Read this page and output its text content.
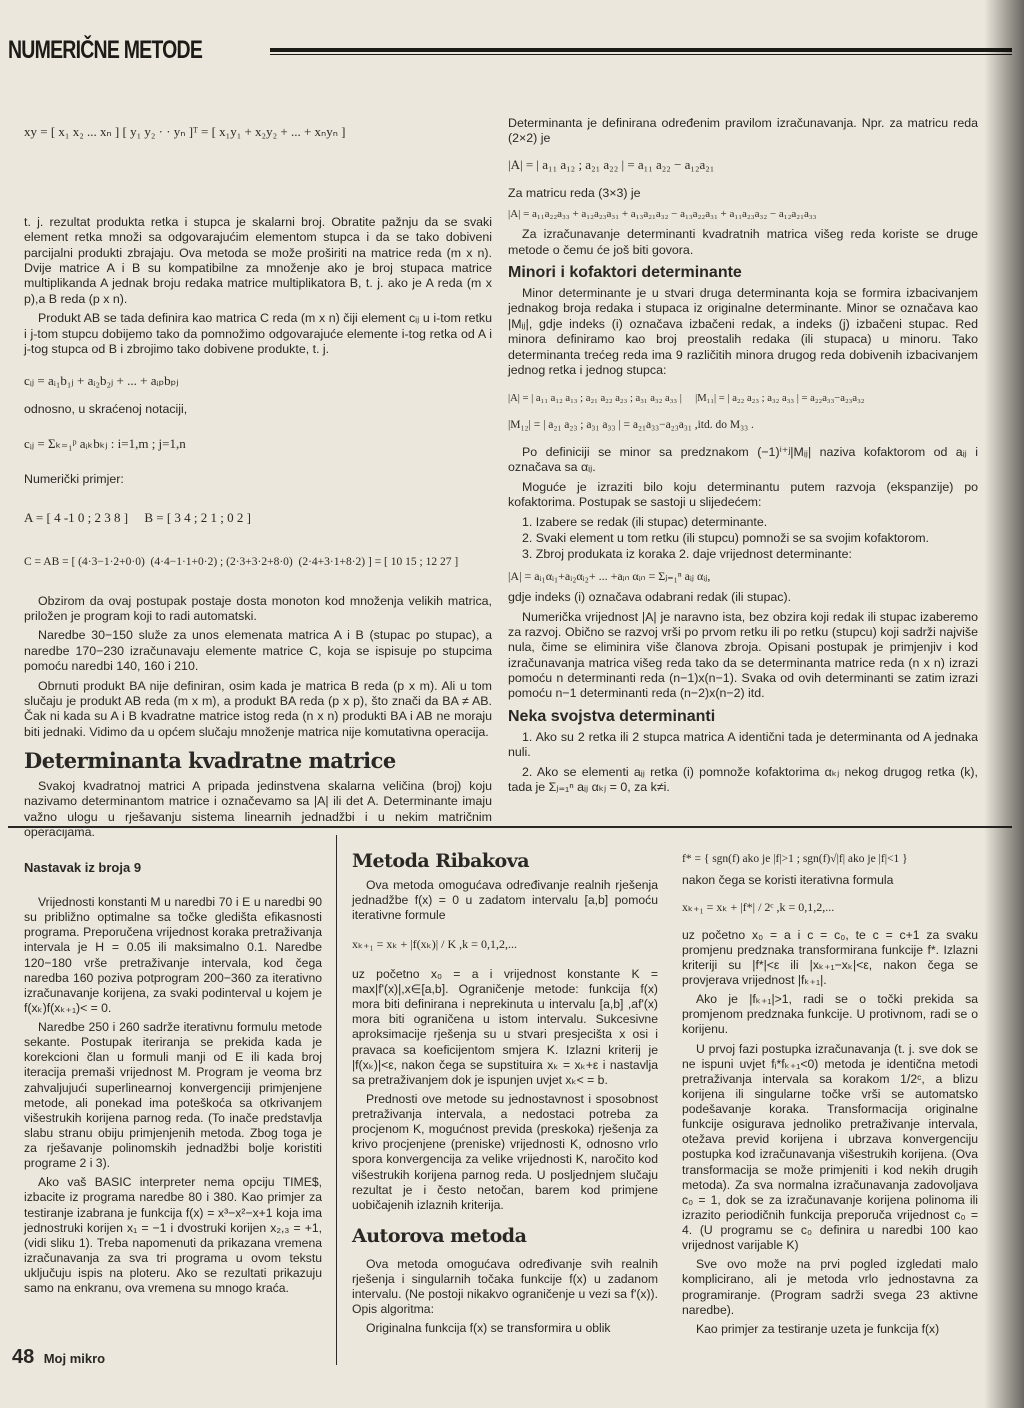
NUMERIČNE METODE
xy = [ x₁ x₂ ... xₙ ] [ y₁ y₂ · · yₙ ]ᵀ = [ x₁y₁ + x₂y₂ + ... + xₙyₙ ]

t. j. rezultat produkta retka i stupca je skalarni broj. Obratite pažnju da se svaki element retka množi sa odgovarajućim elementom stupca i da se tako dobiveni parcijalni produkti zbrajaju. Ova metoda se može proširiti na matrice reda (m x n). Dvije matrice A i B su kompatibilne za množenje ako je broj stupaca matrice multiplikanda A jednak broju redaka matrice multiplikatora B, t. j. ako je A reda (m x p),a B reda (p x n).

Produkt AB se tada definira kao matrica C reda (m x n) čiji element cᵢⱼ u i-tom retku i j-tom stupcu dobijemo tako da pomnožimo odgovarajuće elemente i-tog retka od A i j-tog stupca od B i zbrojimo tako dobivene produkte, t. j.

cᵢⱼ = aᵢ₁b₁ⱼ + aᵢ₂b₂ⱼ + ... + aᵢₚbₚⱼ

odnosno, u skraćenoj notaciji,

cᵢⱼ = Σₖ₌₁ᵖ aᵢₖbₖⱼ : i=1,m ; j=1,n

Numerički primjer:

A = [ 4 -1 0 ; 2 3 8 ]     B = [ 3 4 ; 2 1 ; 0 2 ]
C = AB = [ (4·3−1·2+0·0)  (4·4−1·1+0·2) ; (2·3+3·2+8·0)  (2·4+3·1+8·2) ] = [ 10 15 ; 12 27 ]

Obzirom da ovaj postupak postaje dosta monoton kod množenja velikih matrica, priložen je program koji to radi automatski.

Naredbe 30−150 služe za unos elemenata matrica A i B (stupac po stupac), a naredbe 170−230 izračunavaju elemente matrice C, koja se ispisuje po stupcima pomoću naredbi 140, 160 i 210.

Obrnuti produkt BA nije definiran, osim kada je matrica B reda (p x m). Ali u tom slučaju je produkt AB reda (m x m), a produkt BA reda (p x p), što znači da BA ≠ AB. Čak ni kada su A i B kvadratne matrice istog reda (n x n) produkti BA i AB ne moraju biti jednaki. Vidimo da u općem slučaju množenje matrica nije komutativna operacija.

Determinanta kvadratne matrice

Svakoj kvadratnoj matrici A pripada jedinstvena skalarna veličina (broj) koju nazivamo determinantom matrice i označevamo sa |A| ili det A. Determinante imaju važno ulogu u rješavanju sistema linearnih jednadžbi i u nekim matričnim operacijama.

Determinanta je definirana određenim pravilom izračunavanja. Npr. za matricu reda (2×2) je

|A| = | a₁₁ a₁₂ ; a₂₁ a₂₂ | = a₁₁ a₂₂ − a₁₂a₂₁

Za matricu reda (3×3) je

|A| = a₁₁a₂₂a₃₃ + a₁₂a₂₃a₃₁ + a₁₃a₂₁a₃₂ − a₁₃a₂₂a₃₁ + a₁₁a₂₃a₃₂ − a₁₂a₂₁a₃₃

Za izračunavanje determinanti kvadratnih matrica višeg reda koriste se druge metode o čemu će još biti govora.

Minori i kofaktori determinante

Minor determinante je u stvari druga determinanta koja se formira izbacivanjem jednakog broja redaka i stupaca iz originalne determinante. Minor se označava kao |Mᵢⱼ|, gdje indeks (i) označava izbačeni redak, a indeks (j) izbačeni stupac. Red minora definiramo kao broj preostalih redaka (ili stupaca) u minoru. Tako determinanta trećeg reda ima 9 različitih minora drugog reda dobivenih izbacivanjem jednog retka i jednog stupca:

|A| = | a₁₁ a₁₂ a₁₃ ; a₂₁ a₂₂ a₂₃ ; a₃₁ a₃₂ a₃₃ |     |M₁₁| = | a₂₂ a₂₃ ; a₃₂ a₃₃ | = a₂₂a₃₃−a₂₃a₃₂
|M₁₂| = | a₂₁ a₂₃ ; a₃₁ a₃₃ | = a₂₁a₃₃−a₂₃a₃₁ ,itd. do M₃₃ .

Po definiciji se minor sa predznakom (−1)ⁱ⁺ʲ|Mᵢⱼ| naziva kofaktorom od aᵢⱼ i označava sa αᵢⱼ.

Moguće je izraziti bilo koju determinantu putem razvoja (ekspanzije) po kofaktorima. Postupak se sastoji u slijedećem:

1. Izabere se redak (ili stupac) determinante.

2. Svaki element u tom retku (ili stupcu) pomnoži se sa svojim kofaktorom.

3. Zbroj produkata iz koraka 2. daje vrijednost determinante:

|A| = aᵢ₁αᵢ₁+aᵢ₂αᵢ₂+ ... +aᵢₙ αᵢₙ = Σⱼ₌₁ⁿ aᵢⱼ αᵢⱼ,

gdje indeks (i) označava odabrani redak (ili stupac).

Numerička vrijednost |A| je naravno ista, bez obzira koji redak ili stupac izaberemo za razvoj. Obično se razvoj vrši po prvom retku ili po retku (stupcu) koji sadrži najviše nula, čime se eliminira više članova zbroja. Opisani postupak je primjenjiv i kod izračunavanja matrica višeg reda tako da se determinanta matrice reda (n x n) izrazi pomoću n determinanti reda (n−1)x(n−1). Svaka od ovih determinanti se zatim izrazi pomoću n−1 determinanti reda (n−2)x(n−2) itd.

Neka svojstva determinanti

1. Ako su 2 retka ili 2 stupca matrica A identični tada je determinanta od A jednaka nuli.

2. Ako se elementi aᵢⱼ retka (i) pomnože kofaktorima αₖⱼ nekog drugog retka (k), tada je Σⱼ₌₁ⁿ aᵢⱼ αₖⱼ = 0, za k≠i.

Nastavak iz broja 9

Vrijednosti konstanti M u naredbi 70 i E u naredbi 90 su približno optimalne sa točke gledišta efikasnosti programa. Preporučena vrijednost koraka pretraživanja intervala je H = 0.05 ili maksimalno 0.1. Naredbe 120−180 vrše pretraživanje intervala, kod čega naredba 160 poziva potprogram 200−360 za iterativno izračunavanje korijena, za svaki podinterval u kojem je f(xₖ)f(xₖ₊₁)< = 0.

Naredbe 250 i 260 sadrže iterativnu formulu metode sekante. Postupak iteriranja se prekida kada je korekcioni član u formuli manji od E ili kada broj iteracija premaši vrijednost M. Program je veoma brz zahvaljujući superlinearnoj konvergenciji primjenjene metode, ali ponekad ima poteškoća sa otkrivanjem višestrukih korijena parnog reda. (To inače predstavlja slabu stranu obiju primjenjenih metoda. Zbog toga je za rješavanje polinomskih jednadžbi bolje koristiti programe 2 i 3).

Ako vaš BASIC interpreter nema opciju TIME$, izbacite iz programa naredbe 80 i 380. Kao primjer za testiranje izabrana je funkcija f(x) = x³−x²−x+1 koja ima jednostruki korijen x₁ = −1 i dvostruki korijen x₂,₃ = +1, (vidi sliku 1). Treba napomenuti da prikazana vremena izračunavanja za sva tri programa u ovom tekstu uključuju ispis na ploteru. Ako se rezultati prikazuju samo na enkranu, ova vremena su mnogo kraća.

Metoda Ribakova

Ova metoda omogućava određivanje realnih rješenja jednadžbe f(x) = 0 u zadatom intervalu [a,b] pomoću iterativne formule

xₖ₊₁ = xₖ + |f(xₖ)| / K ,k = 0,1,2,...

uz početno x₀ = a i vrijednost konstante K = max|f'(x)|,x∈[a,b]. Ograničenje metode: funkcija f(x) mora biti definirana i neprekinuta u intervalu [a,b] ,af'(x) mora biti ograničena u istom intervalu. Sukcesivne aproksimacije rješenja su u stvari presjecišta x osi i pravaca sa koeficijentom smjera K. Izlazni kriterij je |f(xₖ)|<ε, nakon čega se supstituira xₖ = xₖ+ε i nastavlja sa pretraživanjem dok je ispunjen uvjet xₖ< = b.

Prednosti ove metode su jednostavnost i sposobnost pretraživanja intervala, a nedostaci potreba za procjenom K, mogućnost previda (preskoka) rješenja za krivo procjenjene (preniske) vrijednosti K, odnosno vrlo spora konvergencija za velike vrijednosti K, naročito kod višestrukih korijena parnog reda. U posljednjem slučaju rezultat je i često netočan, barem kod primjene uobičajenih izlaznih kriterija.

Autorova metoda

Ova metoda omogućava određivanje svih realnih rješenja i singularnih točaka funkcije f(x) u zadanom intervalu. (Ne postoji nikakvo ograničenje u vezi sa f'(x)). Opis algoritma:

Originalna funkcija f(x) se transformira u oblik

f* = { sgn(f) ako je |f|>1 ; sgn(f)√|f| ako je |f|<1 }

nakon čega se koristi iterativna formula

xₖ₊₁ = xₖ + |f*| / 2ᶜ ,k = 0,1,2,...

uz početno x₀ = a i c = c₀, te c = c+1 za svaku promjenu predznaka transformirana funkcije f*. Izlazni kriteriji su |f*|<ε ili |xₖ₊₁−xₖ|<ε, nakon čega se provjerava vrijednost |fₖ₊₁|.

Ako je |fₖ₊₁|>1, radi se o točki prekida sa promjenom predznaka funkcije. U protivnom, radi se o korijenu.

U prvoj fazi postupka izračunavanja (t. j. sve dok se ne ispuni uvjet fᵢ*fₖ₊₁<0) metoda je identična metodi pretraživanja intervala sa korakom 1/2ᶜ, a blizu korijena ili singularne točke vrši se automatsko podešavanje koraka. Transformacija originalne funkcije osigurava jednoliko pretraživanje intervala, otežava previd korijena i ubrzava konvergenciju postupka kod izračunavanja višestrukih korijena. (Ova transformacija se može primjeniti i kod nekih drugih metoda). Za sva normalna izračunavanja zadovoljava c₀ = 1, dok se za izračunavanje korijena polinoma ili izrazito periodičnih funkcija preporuča vrijednost c₀ = 4. (U programu se c₀ definira u naredbi 100 kao vrijednost varijable K)

Sve ovo može na prvi pogled izgledati malo komplicirano, ali je metoda vrlo jednostavna za programiranje. (Program sadrži svega 23 aktivne naredbe).

Kao primjer za testiranje uzeta je funkcija f(x)

48 Moj mikro
